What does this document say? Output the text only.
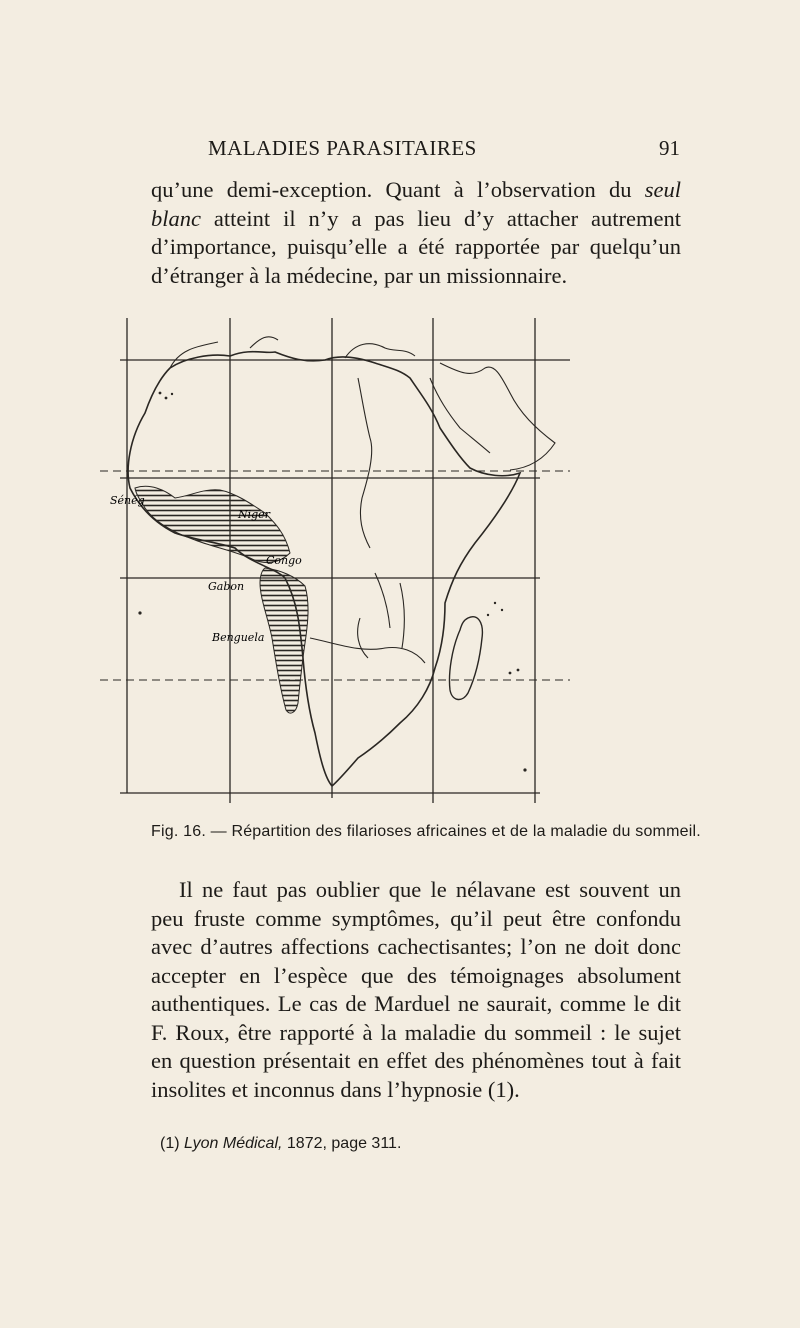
MALADIES PARASITAIRES	91

qu’une demi-exception. Quant à l’observation du seul blanc atteint il n’y a pas lieu d’y attacher autrement d’importance, puisqu’elle a été rapportée par quelqu’un d’étranger à la médecine, par un missionnaire.

Sénég
Niger
Congo
Gabon
Benguela
Fig. 16. — Répartition des filarioses africaines et de la maladie du sommeil.

Il ne faut pas oublier que le nélavane est souvent un peu fruste comme symptômes, qu’il peut être confondu avec d’autres affections cachectisantes; l’on ne doit donc accepter en l’espèce que des témoignages absolument authentiques. Le cas de Marduel ne saurait, comme le dit F. Roux, être rapporté à la maladie du sommeil : le sujet en question présentait en effet des phénomènes tout à fait insolites et inconnus dans l’hypnosie (1).

(1) Lyon Médical, 1872, page 311.
